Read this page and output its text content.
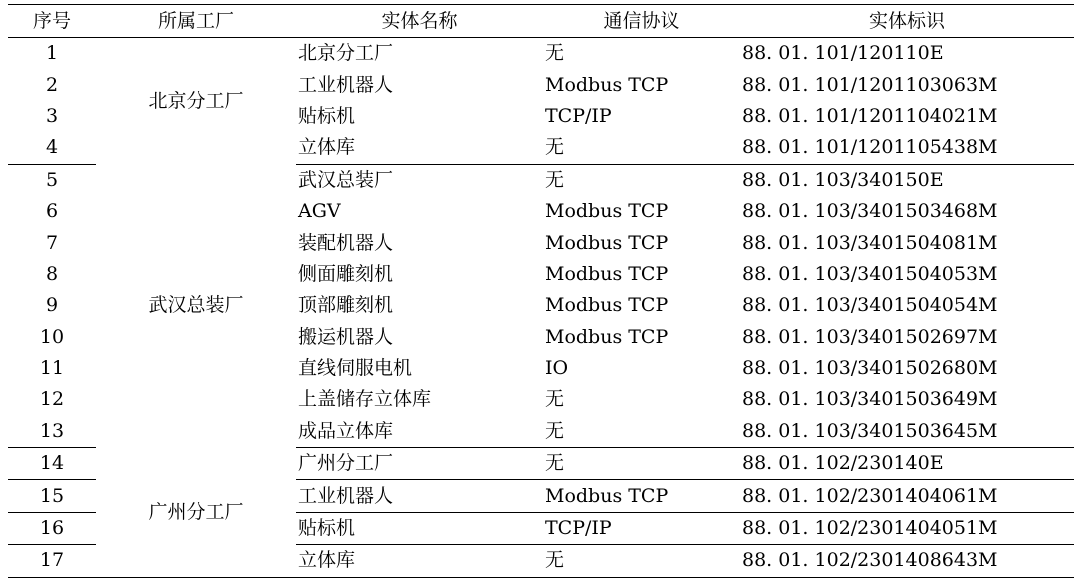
序号	所属工厂	实体名称	通信协议	实体标识
1	北京分工厂	北京分工厂	无	88. 01. 101/120110E
2		工业机器人	Modbus TCP	88. 01. 101/1201103063M
3		贴标机	TCP/IP	88. 01. 101/1201104021M
4		立体库	无	88. 01. 101/1201105438M
5	武汉总装厂	武汉总装厂	无	88. 01. 103/340150E
6		AGV	Modbus TCP	88. 01. 103/3401503468M
7		装配机器人	Modbus TCP	88. 01. 103/3401504081M
8		侧面雕刻机	Modbus TCP	88. 01. 103/3401504053M
9		顶部雕刻机	Modbus TCP	88. 01. 103/3401504054M
10		搬运机器人	Modbus TCP	88. 01. 103/3401502697M
11		直线伺服电机	IO	88. 01. 103/3401502680M
12		上盖储存立体库	无	88. 01. 103/3401503649M
13		成品立体库	无	88. 01. 103/3401503645M
14	广州分工厂	广州分工厂	无	88. 01. 102/230140E
15		工业机器人	Modbus TCP	88. 01. 102/2301404061M
16		贴标机	TCP/IP	88. 01. 102/2301404051M
17		立体库	无	88. 01. 102/2301408643M
